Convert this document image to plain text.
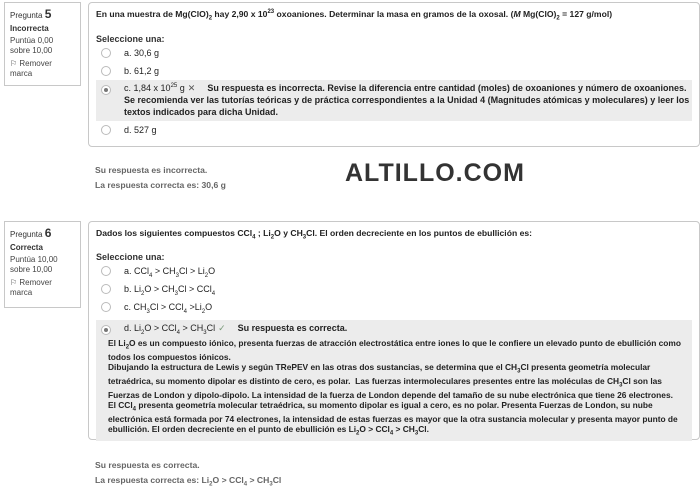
Pregunta 5
Incorrecta
Puntúa 0,00
sobre 10,00
⚐ Remover
marca
En una muestra de $Mg(ClO)_2$ hay 2,90 x $10^{23}$ oxoaniones. Determinar la masa en gramos de la oxosal. (M $Mg(ClO)_2 = 127$ g/mol)
Seleccione una:
a. 30,6 g
b. 61,2 g
c. 1,84 x $10^{25}$ g ✕ Su respuesta es incorrecta. Revise la diferencia entre cantidad (moles) de oxoaniones y número de oxoaniones. Se recomienda ver las tutorías teóricas y de práctica correspondientes a la Unidad 4 (Magnitudes atómicas y moleculares) y leer los textos indicados para dicha Unidad.
d. 527 g
Su respuesta es incorrecta.
La respuesta correcta es: 30,6 g	ALTILLO.COM
Pregunta 6
Correcta
Puntúa 10,00
sobre 10,00
⚐ Remover
marca
Dados los siguientes compuestos CCl$_4$ ; $Li_2O$ y $CH_3Cl$. El orden decreciente en los puntos de ebullición es:
Seleccione una:
a. $CCl_4 > CH_3Cl > Li_2O$
b. $Li_2O > CH_3Cl > CCl_4$
c. $CH_3Cl > CCl_4 >Li_2O$
d. $Li_2O > CCl_4 > CH_3Cl$ ✓ Su respuesta es correcta.
El $Li_2O$ es un compuesto iónico, presenta fuerzas de atracción electrostática entre iones lo que le confiere un elevado punto de ebullición como todos los compuestos iónicos.
Dibujando la estructura de Lewis y según TRePEV en las otras dos sustancias, se determina que el $CH_3Cl$ presenta geometría molecular tetraédrica, su momento dipolar es distinto de cero, es polar.  Las fuerzas intermoleculares presentes entre las moléculas de $CH_3Cl$ son las Fuerzas de London y dipolo-dipolo. La intensidad de la fuerza de London depende del tamaño de su nube electrónica que tiene 26 electrones.
El CCl$_4$ presenta geometría molecular tetraédrica, su momento dipolar es igual a cero, es no polar. Presenta Fuerzas de London, su nube electrónica está formada por 74 electrones, la intensidad de estas fuerzas es mayor que la otra sustancia molecular y presenta mayor punto de ebullición. El orden decreciente en el punto de ebullición es $Li_2O > CCl_4 > CH_3Cl$.
Su respuesta es correcta.
La respuesta correcta es: $Li_2O > CCl_4 > CH_3Cl$
